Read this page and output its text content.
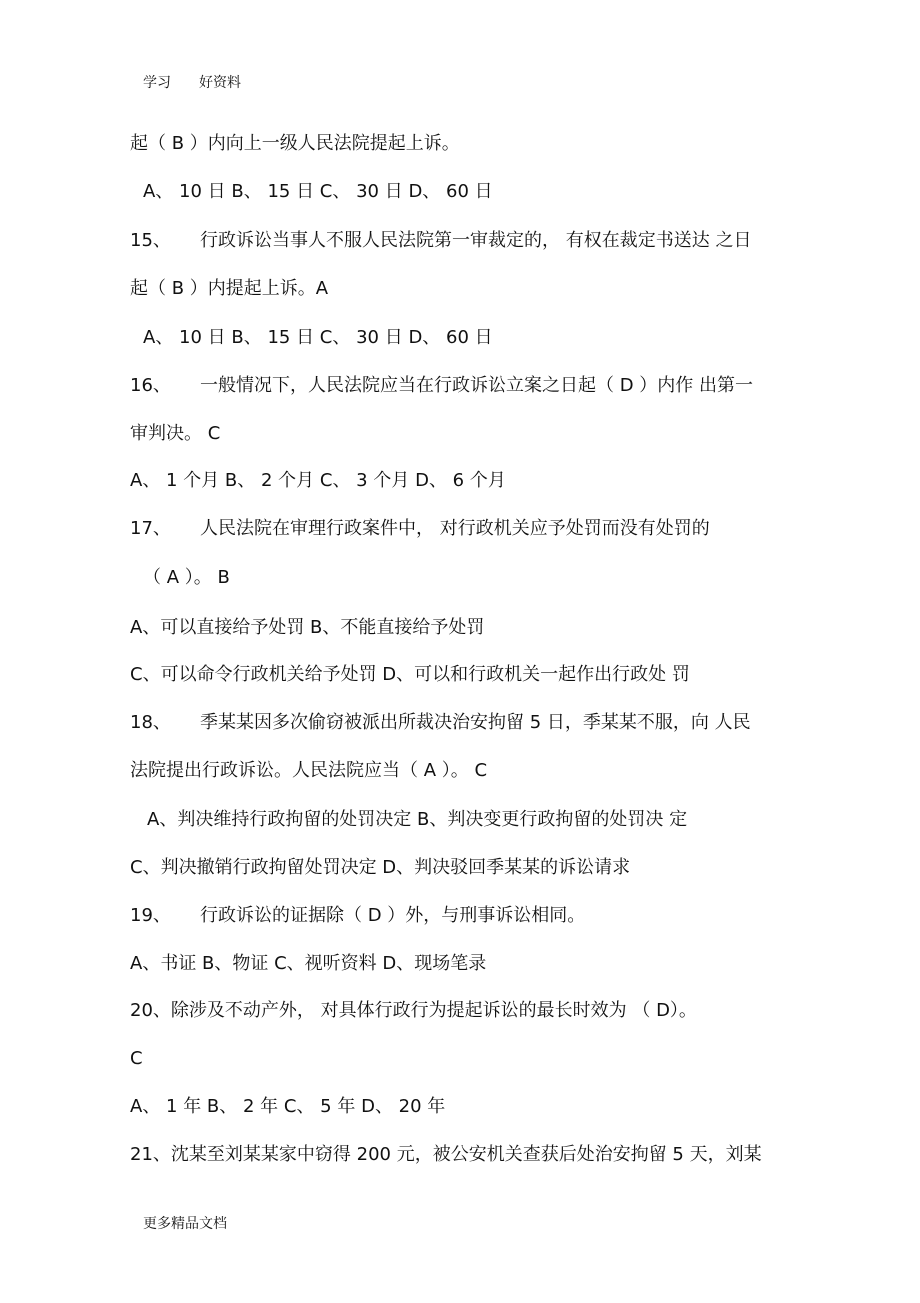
学习 好资料
起（ B ）内向上一级人民法院提起上诉。
A、 10 日 B、 15 日 C、 30 日 D、 60 日
15、 行政诉讼当事人不服人民法院第一审裁定的， 有权在裁定书送达 之日
起（ B ）内提起上诉。A
A、 10 日 B、 15 日 C、 30 日 D、 60 日
16、 一般情况下，人民法院应当在行政诉讼立案之日起（ D ）内作 出第一
审判决。 C
A、 1 个月 B、 2 个月 C、 3 个月 D、 6 个月
17、 人民法院在审理行政案件中， 对行政机关应予处罚而没有处罚的
（ A ）。 B
A、可以直接给予处罚 B、不能直接给予处罚
C、可以命令行政机关给予处罚 D、可以和行政机关一起作出行政处 罚
18、 季某某因多次偷窃被派出所裁决治安拘留 5 日，季某某不服，向 人民
法院提出行政诉讼。人民法院应当（ A ）。 C
A、判决维持行政拘留的处罚决定 B、判决变更行政拘留的处罚决 定
C、判决撤销行政拘留处罚决定 D、判决驳回季某某的诉讼请求
19、 行政诉讼的证据除（ D ）外，与刑事诉讼相同。
A、书证 B、物证 C、视听资料 D、现场笔录
20、除涉及不动产外， 对具体行政行为提起诉讼的最长时效为 （ D）。
C
A、 1 年 B、 2 年 C、 5 年 D、 20 年
21、沈某至刘某某家中窃得 200 元，被公安机关查获后处治安拘留 5 天，刘某
更多精品文档
